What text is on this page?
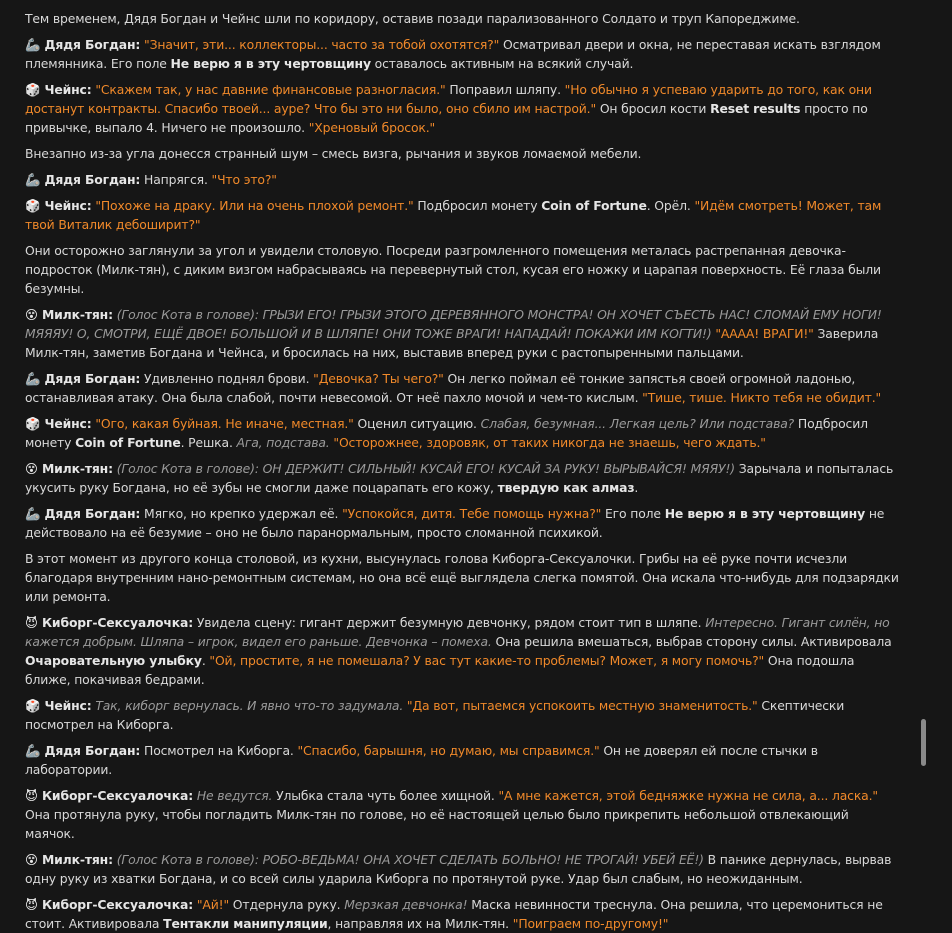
Тем временем, Дядя Богдан и Чейнс шли по коридору, оставив позади парализованного Солдато и труп Капореджиме.

🦾 Дядя Богдан: "Значит, эти... коллекторы... часто за тобой охотятся?" Осматривал двери и окна, не переставая искать взглядом племянника. Его поле Не верю я в эту чертовщину оставалось активным на всякий случай.

🎲 Чейнс: "Скажем так, у нас давние финансовые разногласия." Поправил шляпу. "Но обычно я успеваю ударить до того, как они достанут контракты. Спасибо твоей... ауре? Что бы это ни было, оно сбило им настрой." Он бросил кости Reset results просто по привычке, выпало 4. Ничего не произошло. "Хреновый бросок."

Внезапно из-за угла донесся странный шум – смесь визга, рычания и звуков ломаемой мебели.

🦾 Дядя Богдан: Напрягся. "Что это?"

🎲 Чейнс: "Похоже на драку. Или на очень плохой ремонт." Подбросил монету Coin of Fortune. Орёл. "Идём смотреть! Может, там твой Виталик дебоширит?"

Они осторожно заглянули за угол и увидели столовую. Посреди разгромленного помещения металась растрепанная девочка-подросток (Милк-тян), с диким визгом набрасываясь на перевернутый стол, кусая его ножку и царапая поверхность. Её глаза были безумны.

😵 Милк-тян: (Голос Кота в голове): ГРЫЗИ ЕГО! ГРЫЗИ ЭТОГО ДЕРЕВЯННОГО МОНСТРА! ОН ХОЧЕТ СЪЕСТЬ НАС! СЛОМАЙ ЕМУ НОГИ! МЯЯЯУ! О, СМОТРИ, ЕЩЁ ДВОЕ! БОЛЬШОЙ И В ШЛЯПЕ! ОНИ ТОЖЕ ВРАГИ! НАПАДАЙ! ПОКАЖИ ИМ КОГТИ!) "АААА! ВРАГИ!" Заверила Милк-тян, заметив Богдана и Чейнса, и бросилась на них, выставив вперед руки с растопыренными пальцами.

🦾 Дядя Богдан: Удивленно поднял брови. "Девочка? Ты чего?" Он легко поймал её тонкие запястья своей огромной ладонью, останавливая атаку. Она была слабой, почти невесомой. От неё пахло мочой и чем-то кислым. "Тише, тише. Никто тебя не обидит."

🎲 Чейнс: "Ого, какая буйная. Не иначе, местная." Оценил ситуацию. Слабая, безумная... Легкая цель? Или подстава? Подбросил монету Coin of Fortune. Решка. Ага, подстава. "Осторожнее, здоровяк, от таких никогда не знаешь, чего ждать."

😵 Милк-тян: (Голос Кота в голове): ОН ДЕРЖИТ! СИЛЬНЫЙ! КУСАЙ ЕГО! КУСАЙ ЗА РУКУ! ВЫРЫВАЙСЯ! МЯЯУ!) Зарычала и попыталась укусить руку Богдана, но её зубы не смогли даже поцарапать его кожу, твердую как алмаз.

🦾 Дядя Богдан: Мягко, но крепко удержал её. "Успокойся, дитя. Тебе помощь нужна?" Его поле Не верю я в эту чертовщину не действовало на её безумие – оно не было паранормальным, просто сломанной психикой.

В этот момент из другого конца столовой, из кухни, высунулась голова Киборга-Сексуалочки. Грибы на её руке почти исчезли благодаря внутренним нано-ремонтным системам, но она всё ещё выглядела слегка помятой. Она искала что-нибудь для подзарядки или ремонта.

😈 Киборг-Сексуалочка: Увидела сцену: гигант держит безумную девчонку, рядом стоит тип в шляпе. Интересно. Гигант силён, но кажется добрым. Шляпа – игрок, видел его раньше. Девчонка – помеха. Она решила вмешаться, выбрав сторону силы. Активировала Очаровательную улыбку. "Ой, простите, я не помешала? У вас тут какие-то проблемы? Может, я могу помочь?" Она подошла ближе, покачивая бедрами.

🎲 Чейнс: Так, киборг вернулась. И явно что-то задумала. "Да вот, пытаемся успокоить местную знаменитость." Скептически посмотрел на Киборга.

🦾 Дядя Богдан: Посмотрел на Киборга. "Спасибо, барышня, но думаю, мы справимся." Он не доверял ей после стычки в лаборатории.

😈 Киборг-Сексуалочка: Не ведутся. Улыбка стала чуть более хищной. "А мне кажется, этой бедняжке нужна не сила, а... ласка." Она протянула руку, чтобы погладить Милк-тян по голове, но её настоящей целью было прикрепить небольшой отвлекающий маячок.

😵 Милк-тян: (Голос Кота в голове): РОБО-ВЕДЬМА! ОНА ХОЧЕТ СДЕЛАТЬ БОЛЬНО! НЕ ТРОГАЙ! УБЕЙ ЕЁ!) В панике дернулась, вырвав одну руку из хватки Богдана, и со всей силы ударила Киборга по протянутой руке. Удар был слабым, но неожиданным.

😈 Киборг-Сексуалочка: "Ай!" Отдернула руку. Мерзкая девчонка! Маска невинности треснула. Она решила, что церемониться не стоит. Активировала Тентакли манипуляции, направляя их на Милк-тян. "Поиграем по-другому!"
